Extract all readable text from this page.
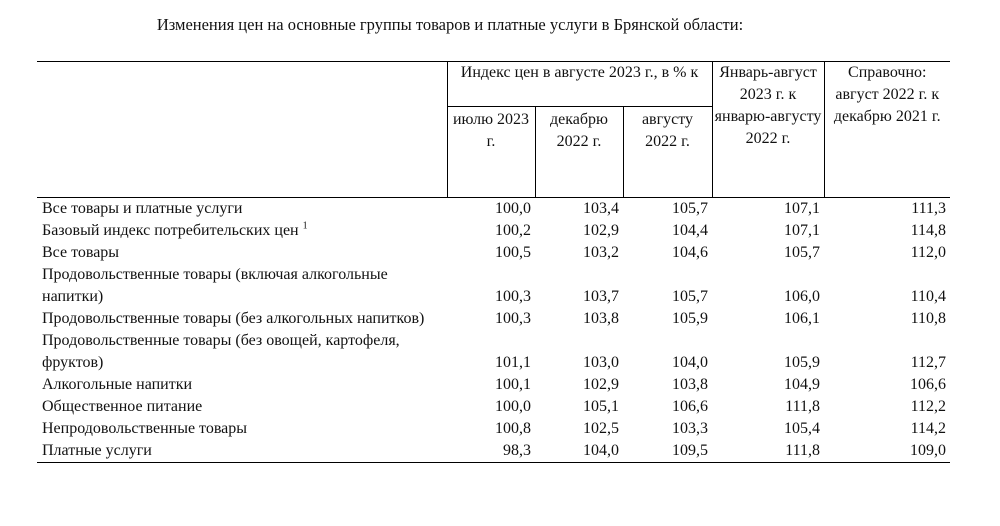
Изменения цен на основные группы товаров и платные услуги в Брянской области:
	Индекс цен в августе 2023 г., в % к			Январь-август 2023 г. к январю-августу 2022 г.	Справочно: август 2022 г. к декабрю 2021 г.
	июлю 2023 г.	декабрю 2022 г.	августу 2022 г.		
Все товары и платные услуги	100,0	103,4	105,7	107,1	111,3
Базовый индекс потребительских цен $^1$	100,2	102,9	104,4	107,1	114,8
Все товары	100,5	103,2	104,6	105,7	112,0
Продовольственные товары (включая алкогольные напитки)	100,3	103,7	105,7	106,0	110,4
Продовольственные товары (без алкогольных напитков)	100,3	103,8	105,9	106,1	110,8
Продовольственные товары (без овощей, картофеля, фруктов)	101,1	103,0	104,0	105,9	112,7
Алкогольные напитки	100,1	102,9	103,8	104,9	106,6
Общественное питание	100,0	105,1	106,6	111,8	112,2
Непродовольственные товары	100,8	102,5	103,3	105,4	114,2
Платные услуги	98,3	104,0	109,5	111,8	109,0
